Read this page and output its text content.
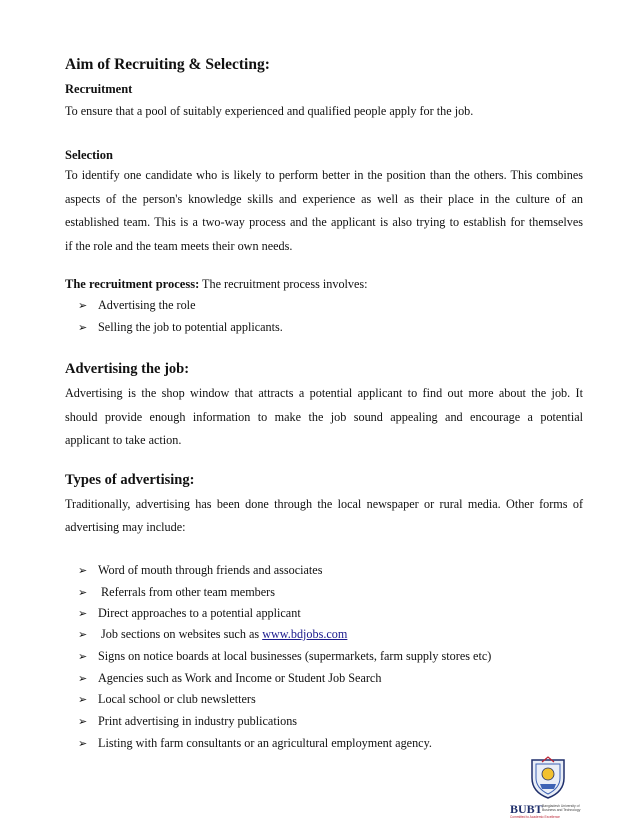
Aim of Recruiting & Selecting:
Recruitment
To ensure that a pool of suitably experienced and qualified people apply for the job.
Selection
To identify one candidate who is likely to perform better in the position than the others. This combines
aspects of the person's knowledge skills and experience as well as their place in the culture of an
established team. This is a two-way process and the applicant is also trying to establish for themselves
if the role and the team meets their own needs.
The recruitment process: The recruitment process involves:
➢ Advertising the role
➢ Selling the job to potential applicants.
Advertising the job:
Advertising is the shop window that attracts a potential applicant to find out more about the job. It
should provide enough information to make the job sound appealing and encourage a potential
applicant to take action.
Types of advertising:
Traditionally, advertising has been done through the local newspaper or rural media. Other forms of
advertising may include:
➢ Word of mouth through friends and associates
➢ Referrals from other team members
➢ Direct approaches to a potential applicant
➢ Job sections on websites such as www.bdjobs.com
➢ Signs on notice boards at local businesses (supermarkets, farm supply stores etc)
➢ Agencies such as Work and Income or Student Job Search
➢ Local school or club newsletters
➢ Print advertising in industry publications
➢ Listing with farm consultants or an agricultural employment agency.
BUBT Bangladesh University of Business and Technology
Committed to Academic Excellence
